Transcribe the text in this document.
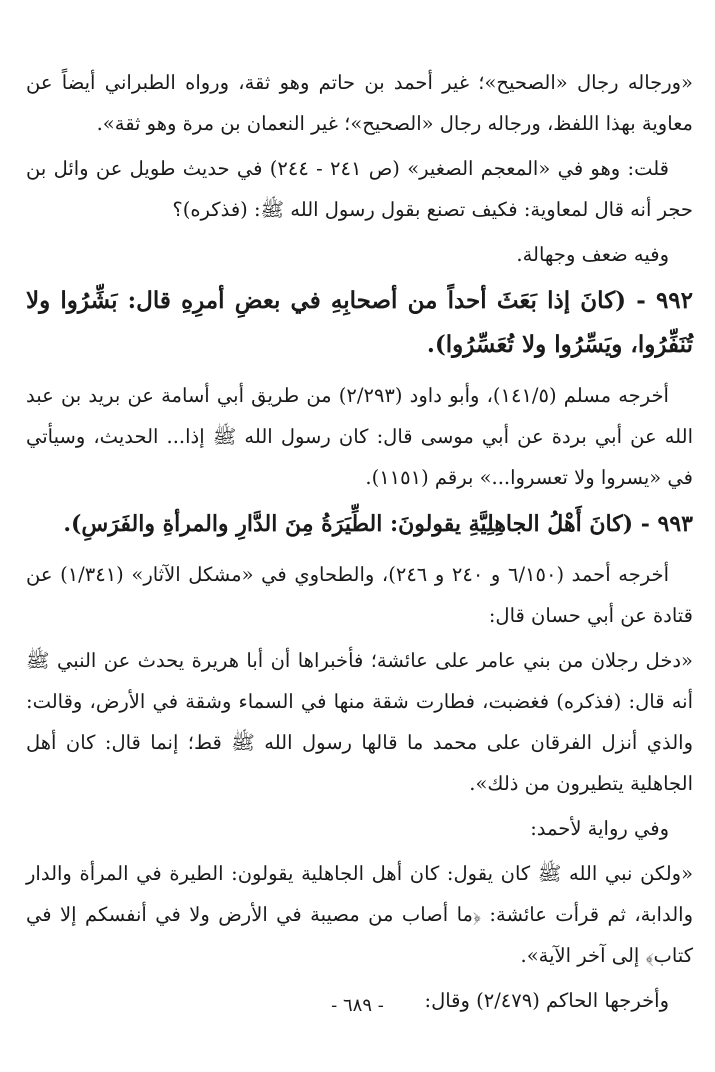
«ورجاله رجال «الصحيح»؛ غير أحمد بن حاتم وهو ثقة، ورواه الطبراني أيضاً عن معاوية بهذا اللفظ، ورجاله رجال «الصحيح»؛ غير النعمان بن مرة وهو ثقة».

قلت: وهو في «المعجم الصغير» (ص ٢٤١ - ٢٤٤) في حديث طويل عن وائل بن حجر أنه قال لمعاوية: فكيف تصنع بقول رسول الله ﷺ: (فذكره)؟

وفيه ضعف وجهالة.

٩٩٢ - (كانَ إذا بَعَثَ أحداً من أصحابِهِ في بعضِ أمرِهِ قال: بَشِّرُوا ولا تُنَفِّرُوا، ويَسِّرُوا ولا تُعَسِّرُوا).

أخرجه مسلم (١٤١/٥)، وأبو داود (٢/٢٩٣) من طريق أبي أسامة عن بريد بن عبد الله عن أبي بردة عن أبي موسى قال: كان رسول الله ﷺ إذا... الحديث، وسيأتي في «يسروا ولا تعسروا...» برقم (١١٥١).

٩٩٣ - (كانَ أَهْلُ الجاهِلِيَّةِ يقولونَ: الطِّيَرَةُ مِنَ الدَّارِ والمرأةِ والفَرَسِ).

أخرجه أحمد (٦/١٥٠ و ٢٤٠ و ٢٤٦)، والطحاوي في «مشكل الآثار» (١/٣٤١) عن قتادة عن أبي حسان قال:

«دخل رجلان من بني عامر على عائشة؛ فأخبراها أن أبا هريرة يحدث عن النبي ﷺ أنه قال: (فذكره) فغضبت، فطارت شقة منها في السماء وشقة في الأرض، وقالت: والذي أنزل الفرقان على محمد ما قالها رسول الله ﷺ قط؛ إنما قال: كان أهل الجاهلية يتطيرون من ذلك».

وفي رواية لأحمد:

«ولكن نبي الله ﷺ كان يقول: كان أهل الجاهلية يقولون: الطيرة في المرأة والدار والدابة، ثم قرأت عائشة: ﴿ما أصاب من مصيبة في الأرض ولا في أنفسكم إلا في كتاب﴾ إلى آخر الآية».

وأخرجها الحاكم (٢/٤٧٩) وقال:

- ٦٨٩ -
